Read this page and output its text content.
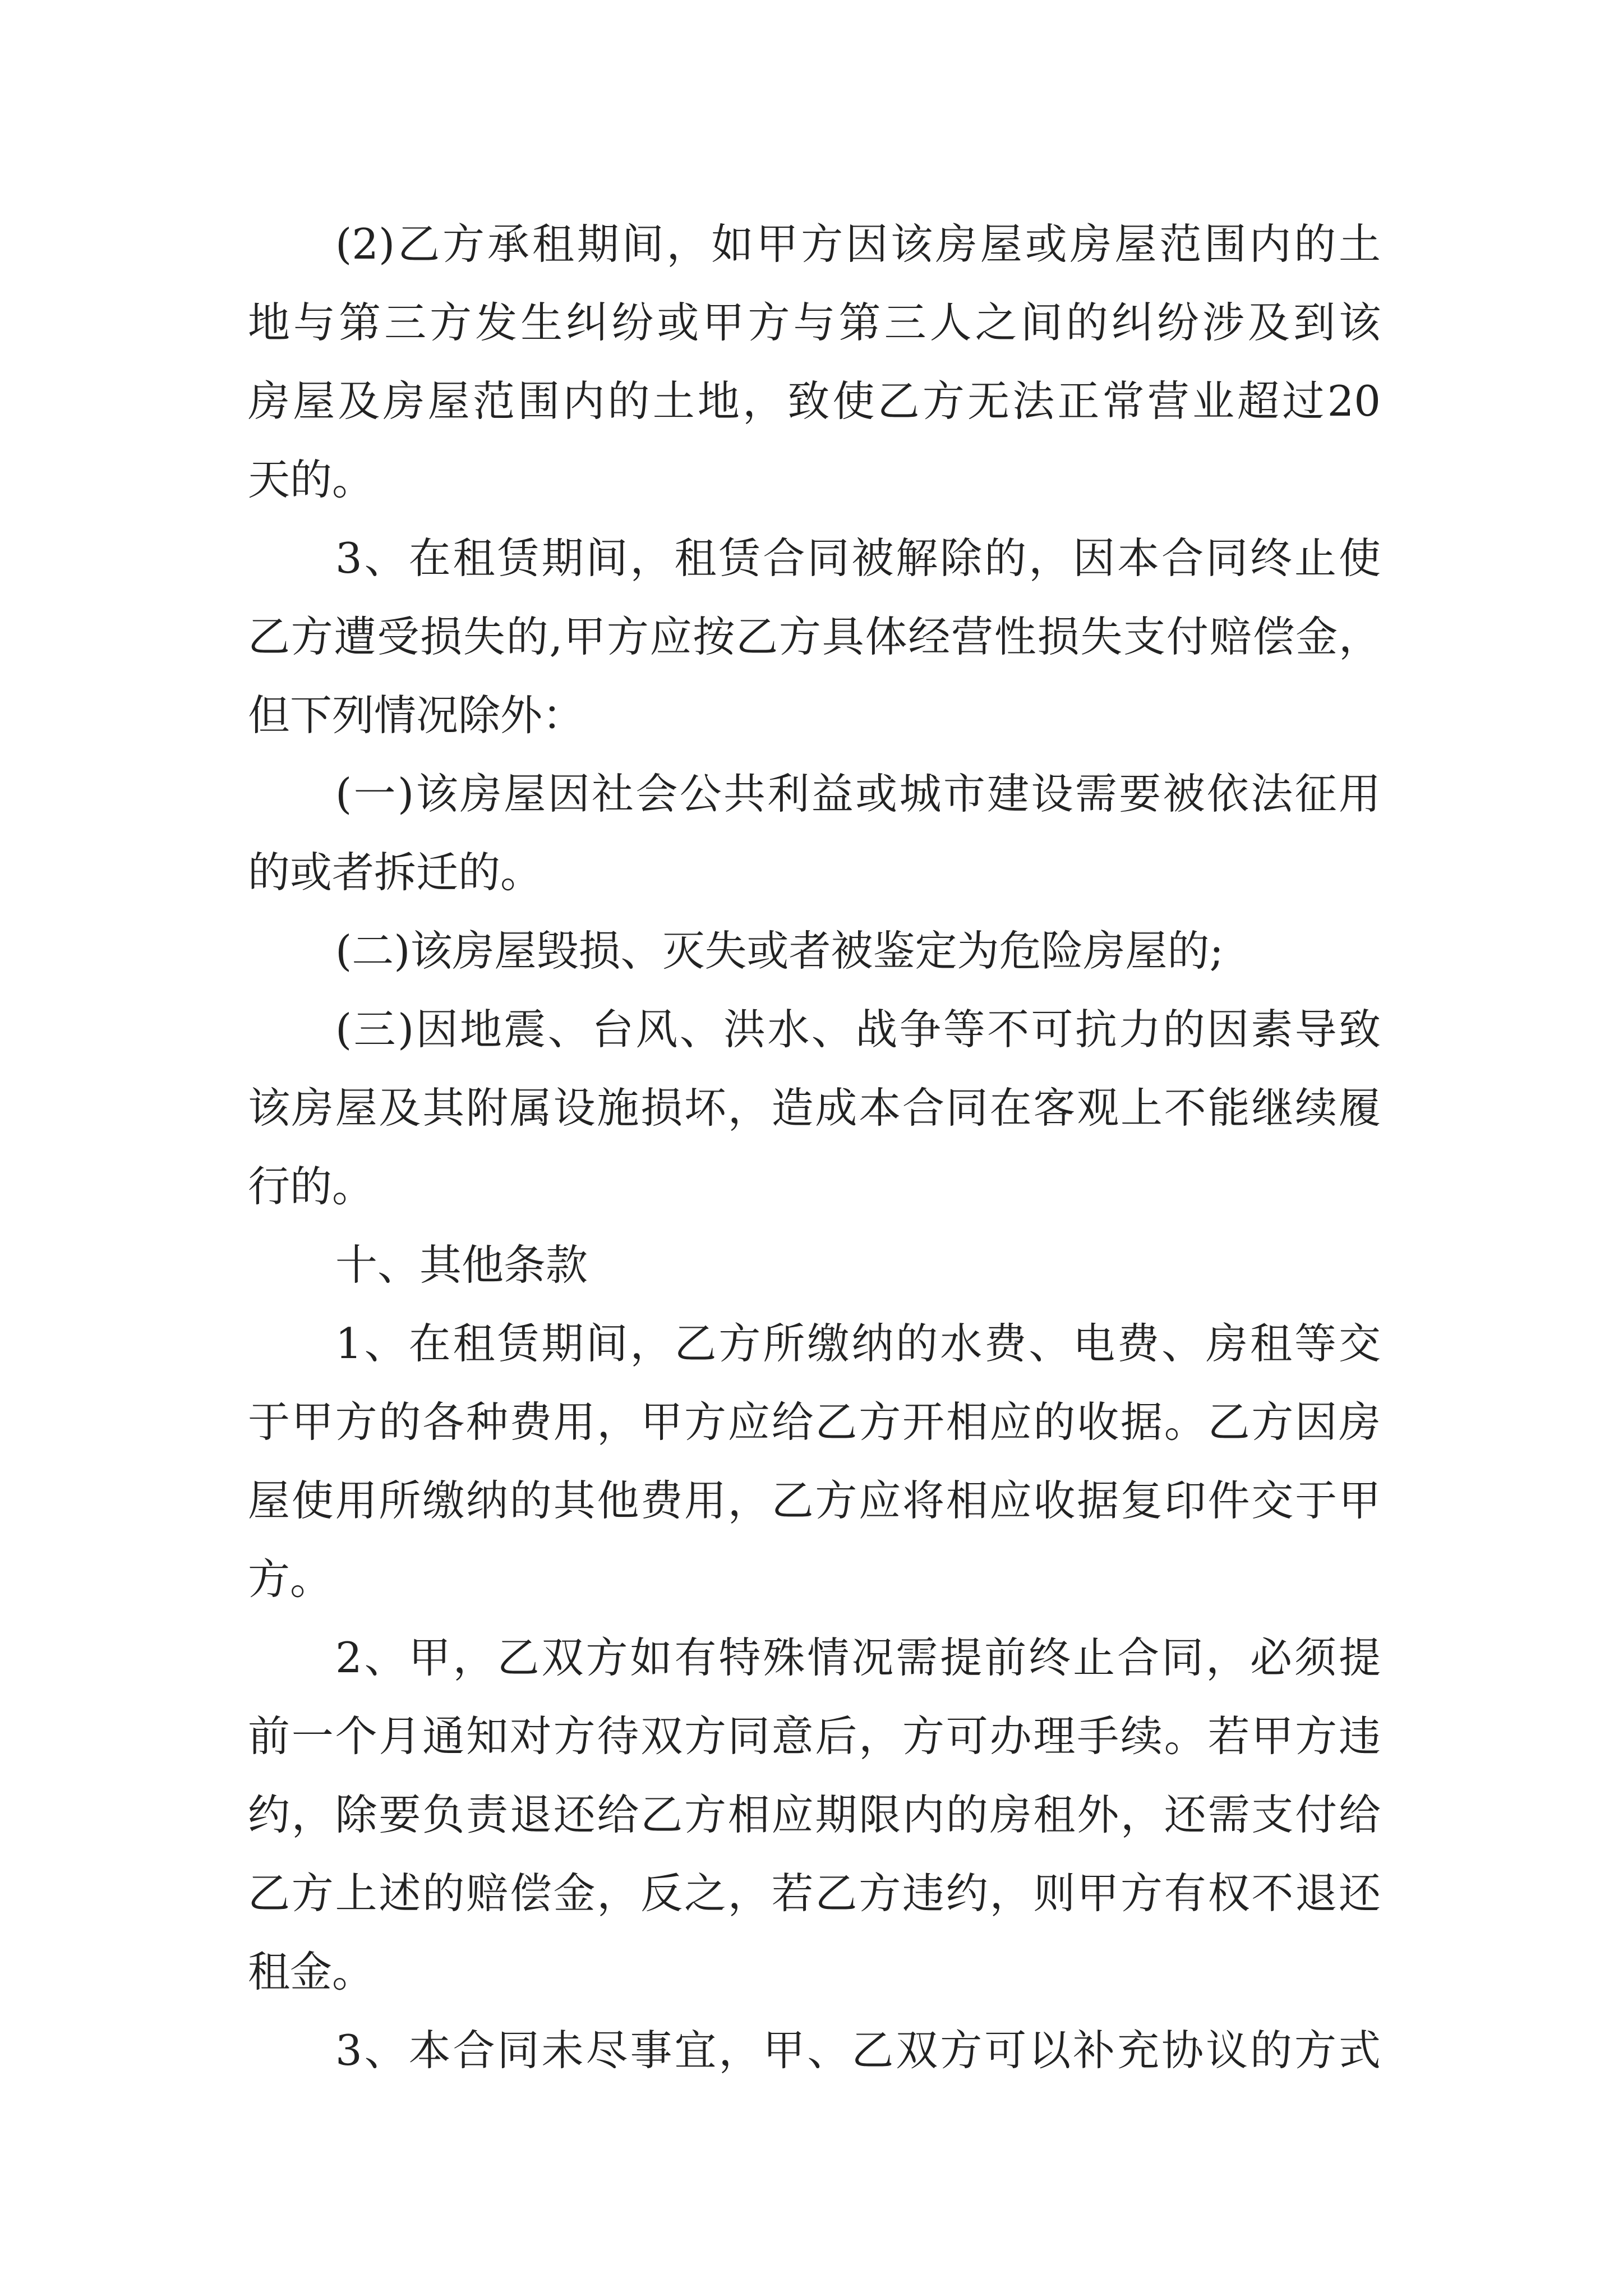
(2)乙方承租期间，如甲方因该房屋或房屋范围内的土
地与第三方发生纠纷或甲方与第三人之间的纠纷涉及到该
房屋及房屋范围内的土地，致使乙方无法正常营业超过20
天的。
3、在租赁期间，租赁合同被解除的，因本合同终止使
乙方遭受损失的,甲方应按乙方具体经营性损失支付赔偿金，
但下列情况除外：
(一)该房屋因社会公共利益或城市建设需要被依法征用
的或者拆迁的。
(二)该房屋毁损、灭失或者被鉴定为危险房屋的;
(三)因地震、台风、洪水、战争等不可抗力的因素导致
该房屋及其附属设施损坏，造成本合同在客观上不能继续履
行的。
十、其他条款
1、在租赁期间，乙方所缴纳的水费、电费、房租等交
于甲方的各种费用，甲方应给乙方开相应的收据。乙方因房
屋使用所缴纳的其他费用，乙方应将相应收据复印件交于甲
方。
2、甲，乙双方如有特殊情况需提前终止合同，必须提
前一个月通知对方待双方同意后，方可办理手续。若甲方违
约，除要负责退还给乙方相应期限内的房租外，还需支付给
乙方上述的赔偿金，反之，若乙方违约，则甲方有权不退还
租金。
3、本合同未尽事宜，甲、乙双方可以补充协议的方式
